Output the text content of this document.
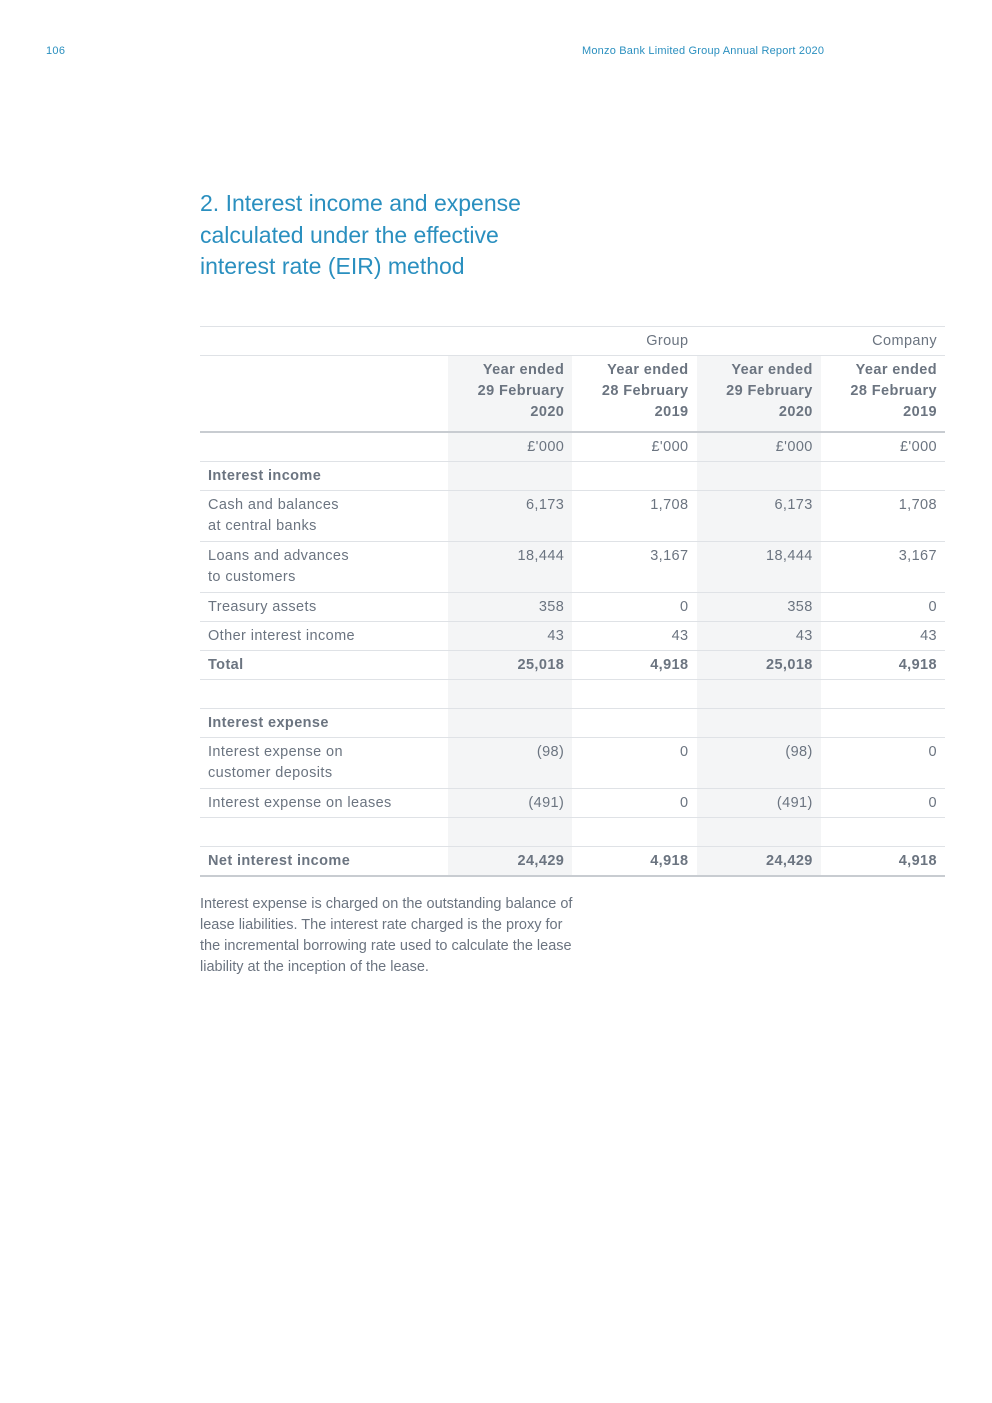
106	Monzo Bank Limited Group Annual Report 2020
2. Interest income and expense
calculated under the effective
interest rate (EIR) method
		Group		Company

	Year ended
29 February
2020	Year ended
28 February
2019	Year ended
29 February
2020	Year ended
28 February
2019

	£'000	£'000	£'000	£'000
Interest income				
Cash and balances
at central banks	6,173	1,708	6,173	1,708
Loans and advances
to customers	18,444	3,167	18,444	3,167
Treasury assets	358	0	358	0
Other interest income	43	43	43	43
Total	25,018	4,918	25,018	4,918

Interest expense				
Interest expense on
customer deposits	(98)	0	(98)	0
Interest expense on leases	(491)	0	(491)	0

Net interest income	24,429	4,918	24,429	4,918

Interest expense is charged on the outstanding balance of lease liabilities. The interest rate charged is the proxy for the incremental borrowing rate used to calculate the lease liability at the inception of the lease.
